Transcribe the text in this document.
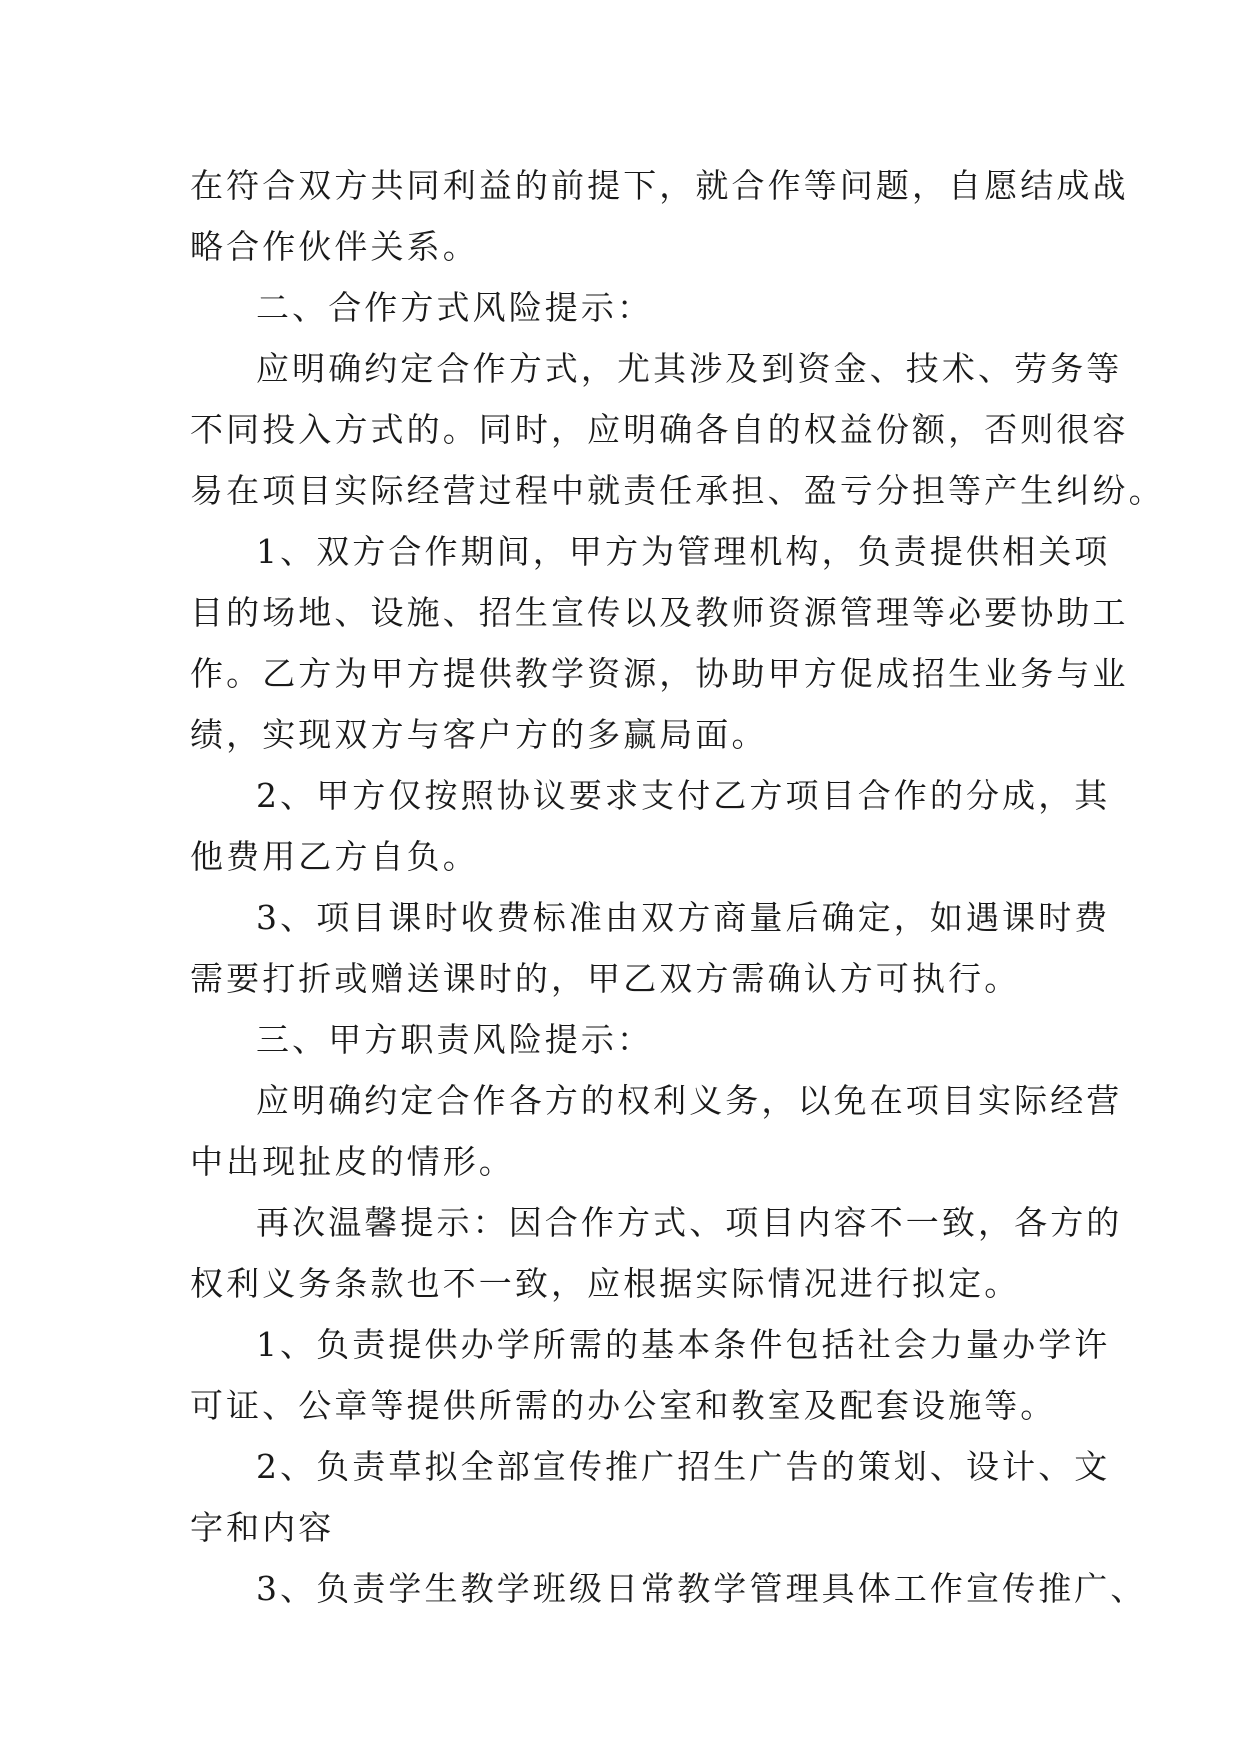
在符合双方共同利益的前提下，就合作等问题，自愿结成战
略合作伙伴关系。
二、合作方式风险提示：
应明确约定合作方式，尤其涉及到资金、技术、劳务等
不同投入方式的。同时，应明确各自的权益份额，否则很容
易在项目实际经营过程中就责任承担、盈亏分担等产生纠纷。
1、双方合作期间，甲方为管理机构，负责提供相关项
目的场地、设施、招生宣传以及教师资源管理等必要协助工
作。乙方为甲方提供教学资源，协助甲方促成招生业务与业
绩，实现双方与客户方的多赢局面。
2、甲方仅按照协议要求支付乙方项目合作的分成，其
他费用乙方自负。
3、项目课时收费标准由双方商量后确定，如遇课时费
需要打折或赠送课时的，甲乙双方需确认方可执行。
三、甲方职责风险提示：
应明确约定合作各方的权利义务，以免在项目实际经营
中出现扯皮的情形。
再次温馨提示：因合作方式、项目内容不一致，各方的
权利义务条款也不一致，应根据实际情况进行拟定。
1、负责提供办学所需的基本条件包括社会力量办学许
可证、公章等提供所需的办公室和教室及配套设施等。
2、负责草拟全部宣传推广招生广告的策划、设计、文
字和内容
3、负责学生教学班级日常教学管理具体工作宣传推广、
